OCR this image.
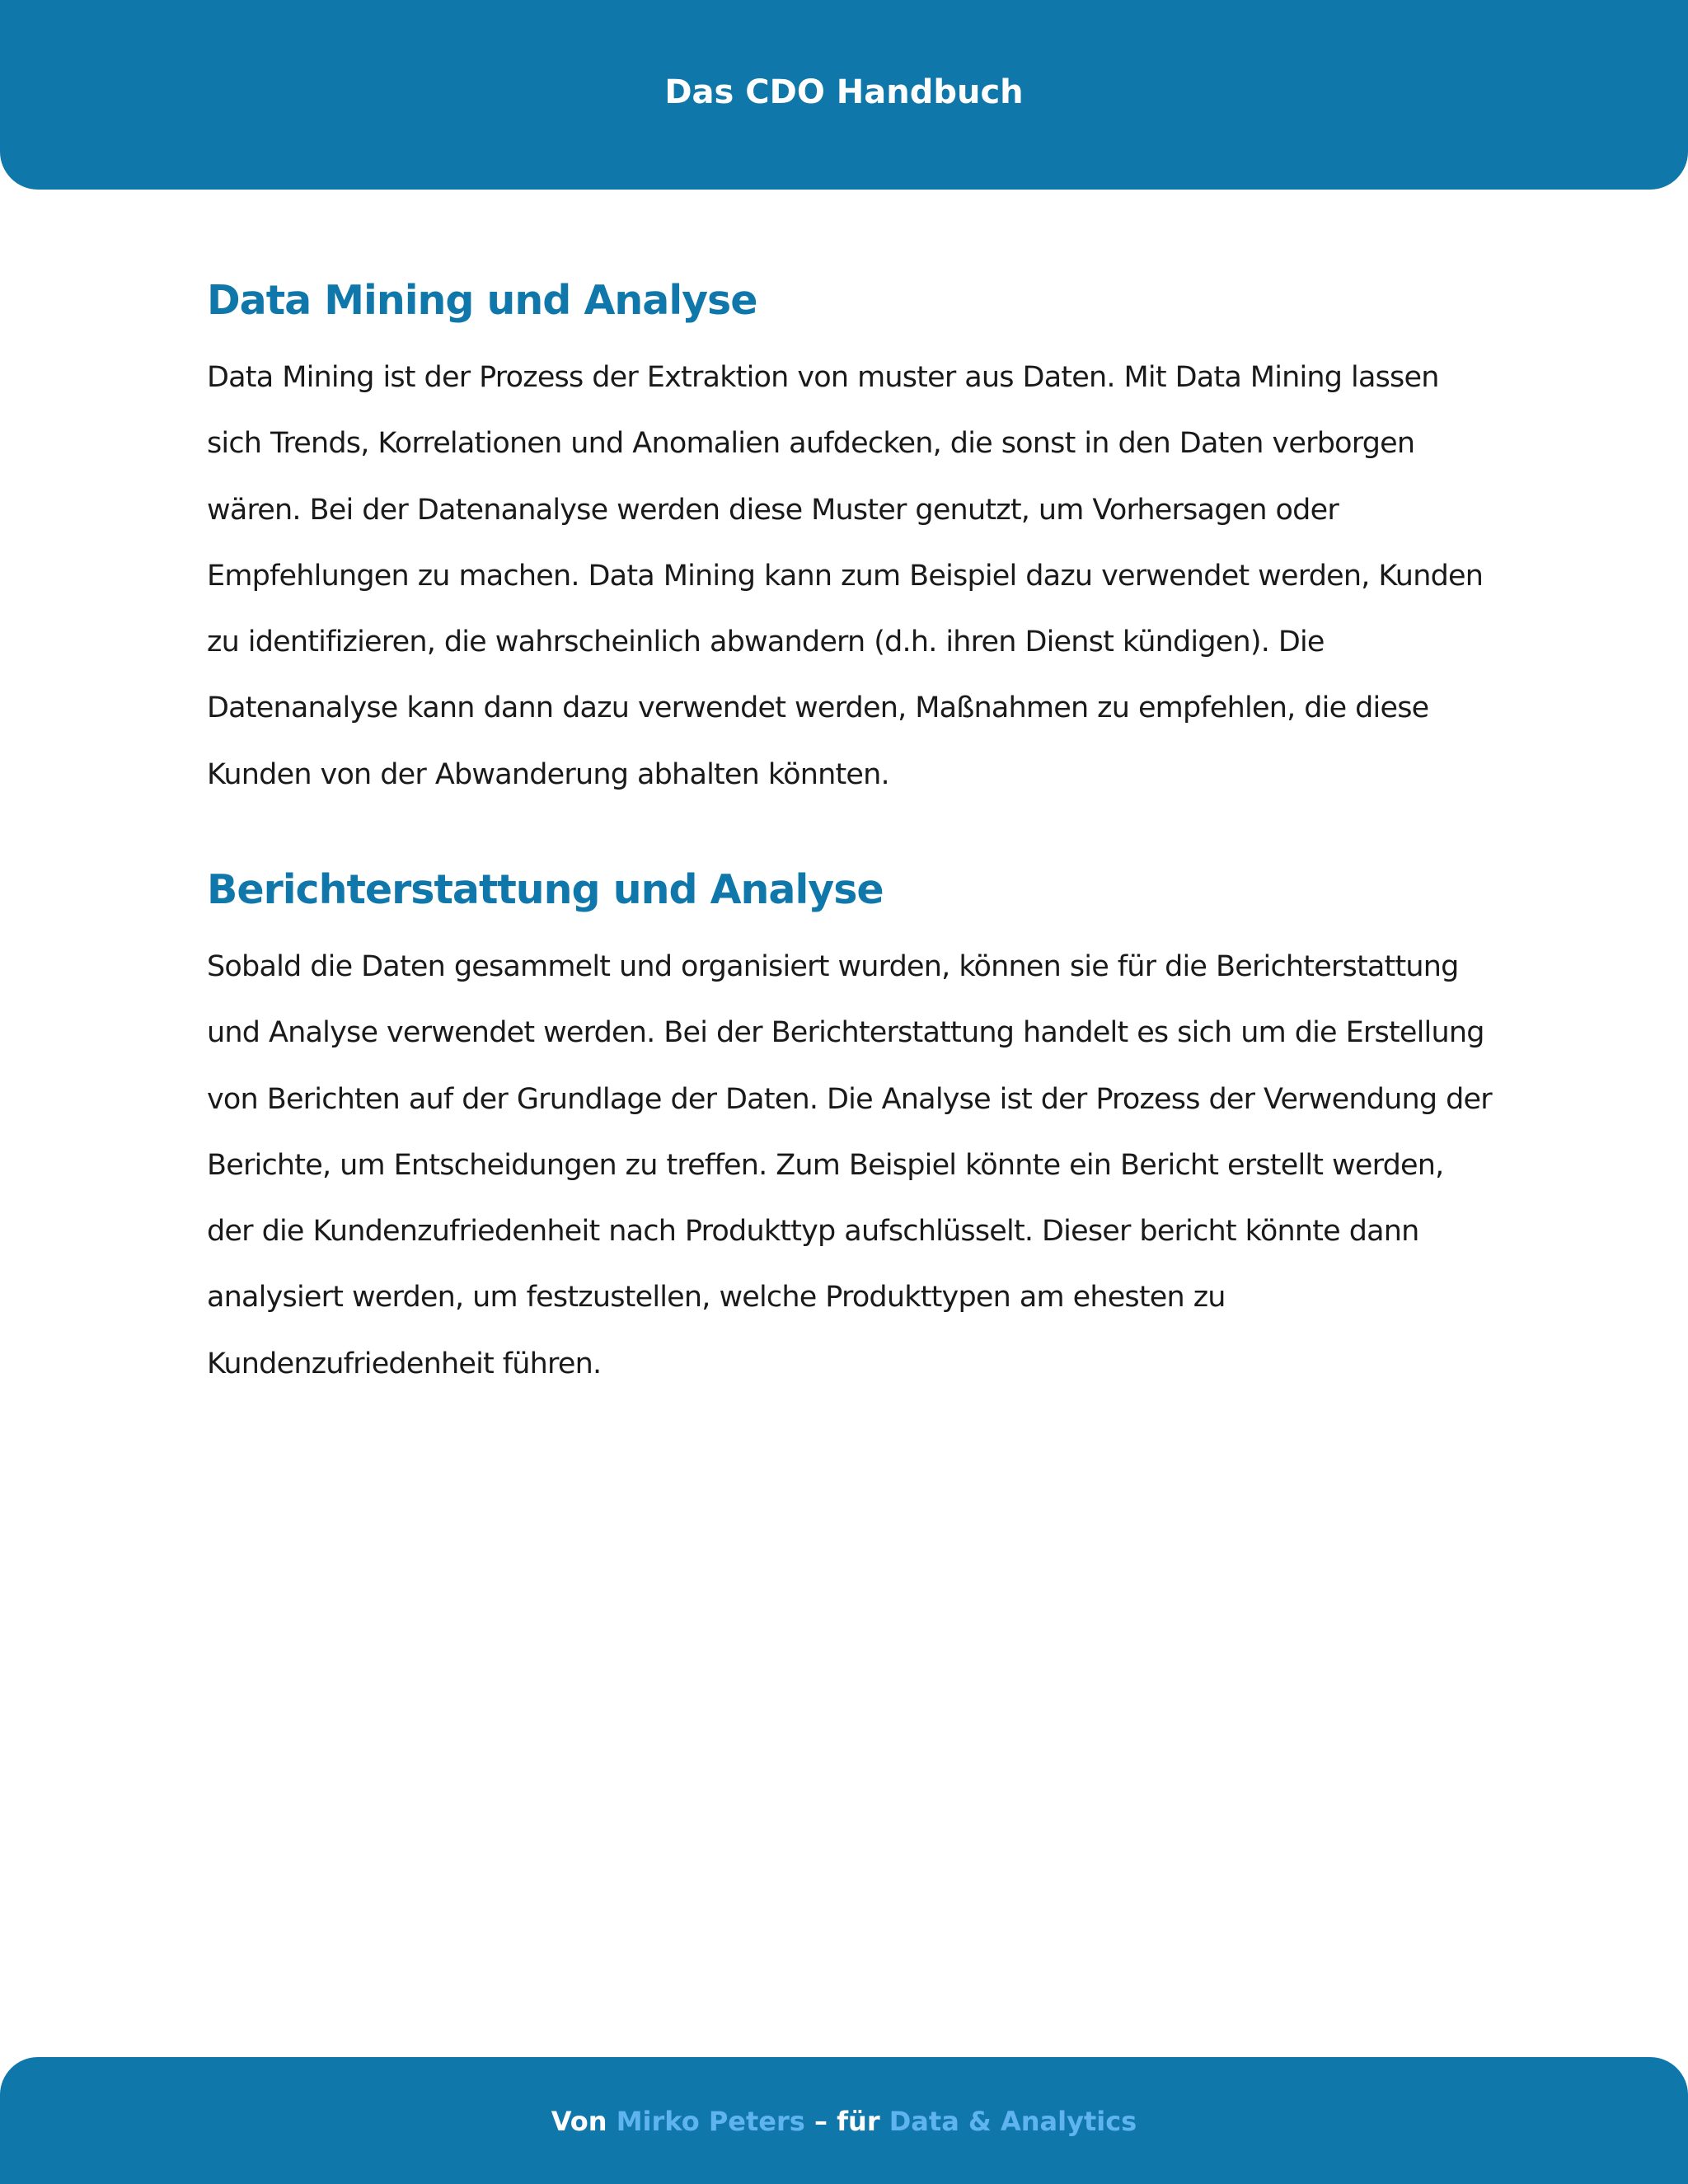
Das CDO Handbuch
Data Mining und Analyse

Data Mining ist der Prozess der Extraktion von muster aus Daten. Mit Data Mining lassen sich Trends, Korrelationen und Anomalien aufdecken, die sonst in den Daten verborgen wären. Bei der Datenanalyse werden diese Muster genutzt, um Vorhersagen oder Empfehlungen zu machen. Data Mining kann zum Beispiel dazu verwendet werden, Kunden zu identifizieren, die wahrscheinlich abwandern (d.h. ihren Dienst kündigen). Die Datenanalyse kann dann dazu verwendet werden, Maßnahmen zu empfehlen, die diese Kunden von der Abwanderung abhalten könnten.

Berichterstattung und Analyse

Sobald die Daten gesammelt und organisiert wurden, können sie für die Berichterstattung und Analyse verwendet werden. Bei der Berichterstattung handelt es sich um die Erstellung von Berichten auf der Grundlage der Daten. Die Analyse ist der Prozess der Verwendung der Berichte, um Entscheidungen zu treffen. Zum Beispiel könnte ein Bericht erstellt werden, der die Kundenzufriedenheit nach Produkttyp aufschlüsselt. Dieser bericht könnte dann analysiert werden, um festzustellen, welche Produkttypen am ehesten zu Kundenzufriedenheit führen.

Von Mirko Peters – für Data & Analytics
